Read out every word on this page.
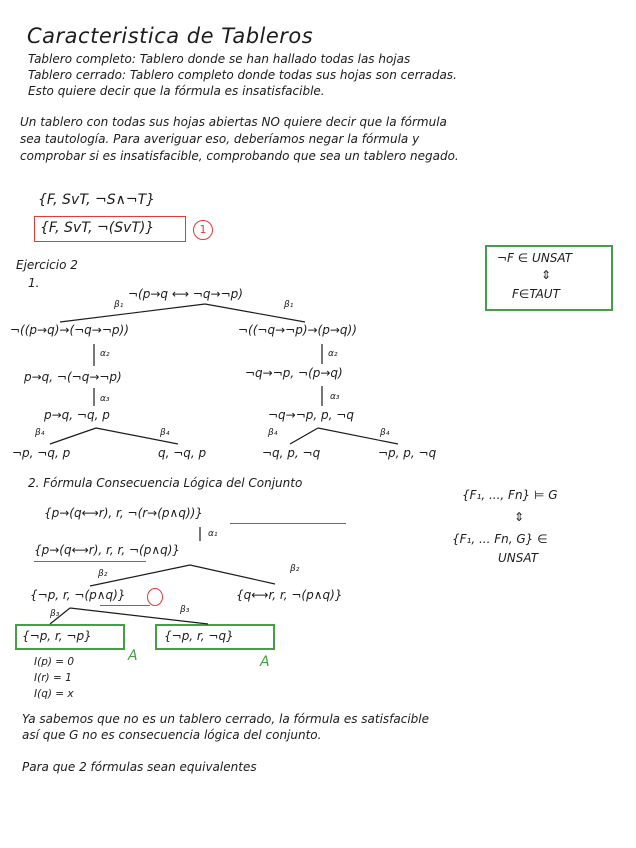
Caracteristica de Tableros
Tablero completo: Tablero donde se han hallado todas las hojas
Tablero cerrado: Tablero completo donde todas sus hojas son cerradas.
Esto quiere decir que la fórmula es insatisfacible.
Un tablero con todas sus hojas abiertas NO quiere decir que la fórmula
sea tautología. Para averiguar eso, deberíamos negar la fórmula y
comprobar si es insatisfacible, comprobando que sea un tablero negado.
{F, SvT, ¬S∧¬T}
{F, SvT, ¬(SvT)}	1
¬F ∈ UNSAT
⇕
F∈TAUT
Ejercicio 2
1.
¬(p→q ⟷ ¬q→¬p)
β₁	β₁
¬((p→q)→(¬q→¬p))	¬((¬q→¬p)→(p→q))
α₂	α₂
p→q, ¬(¬q→¬p)	¬q→¬p, ¬(p→q)
α₃	α₃
p→q, ¬q, p	¬q→¬p, p, ¬q
β₄	β₄	β₄	β₄
¬p, ¬q, p	q, ¬q, p	¬q, p, ¬q	¬p, p, ¬q
2. Fórmula Consecuencia Lógica del Conjunto
{F₁, ..., Fn} ⊨ G
⇕
{F₁, ... Fn, G} ∈
UNSAT
{p→(q⟷r), r, ¬(r→(p∧q))}
α₁
{p→(q⟷r), r, r, ¬(p∧q)}
β₂	β₂
{¬p, r, ¬(p∧q)}	{q⟷r, r, ¬(p∧q)}
β₃	β₃
{¬p, r, ¬p}	{¬p, r, ¬q}
A	A
I(p) = 0
I(r) = 1
I(q) = x
Ya sabemos que no es un tablero cerrado, la fórmula es satisfacible
así que G no es consecuencia lógica del conjunto.
Para que 2 fórmulas sean equivalentes
